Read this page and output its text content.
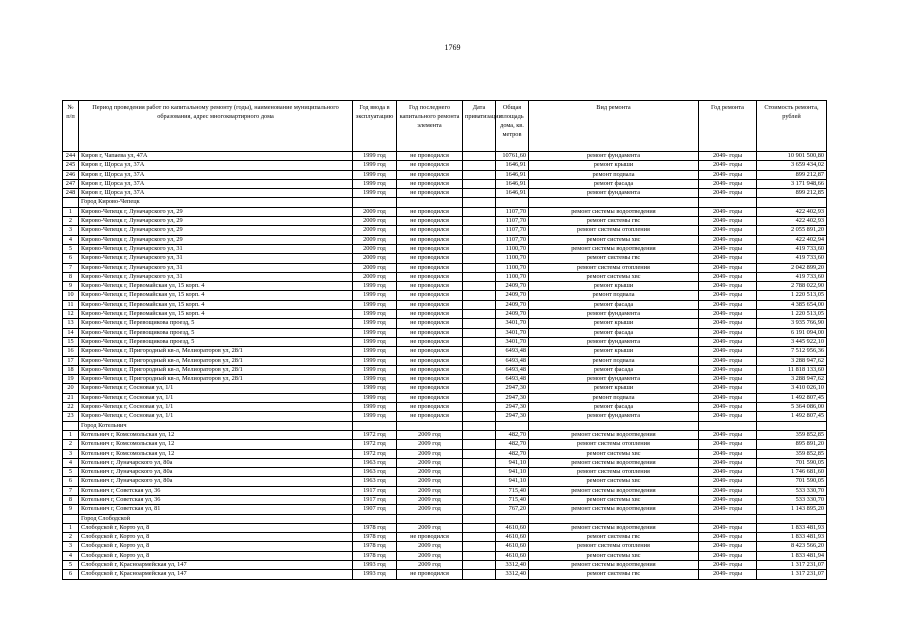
1769
№ п/п	Период проведения работ по капитальному ремонту (годы), наименование муниципального образования, адрес многоквартирного дома	Год ввода в эксплуатацию	Год последнего капитального ремонта элемента	Дата приватизации	Общая площадь дома, кв. метров	Вид ремонта	Год ремонта	Стоимость ремонта, рублей
244	Киров г, Чапаева ул, 47А	1999 год	не проводился		10761,60	ремонт фундамента	2049- годы	10 901 500,80
245	Киров г, Щорса ул, 37А	1999 год	не проводился		1646,91	ремонт крыши	2049- годы	3 659 434,02
246	Киров г, Щорса ул, 37А	1999 год	не проводился		1646,91	ремонт подвала	2049- годы	899 212,87
247	Киров г, Щорса ул, 37А	1999 год	не проводился		1646,91	ремонт фасада	2049- годы	3 171 948,66
248	Киров г, Щорса ул, 37А	1999 год	не проводился		1646,91	ремонт фундамента	2049- годы	899 212,85
	Город Кирово-Чепецк							
1	Кирово-Чепецк г, Луначарского ул, 29	2009 год	не проводился		1107,70	ремонт системы водоотведения	2049- годы	422 402,93
2	Кирово-Чепецк г, Луначарского ул, 29	2009 год	не проводился		1107,70	ремонт системы гвс	2049- годы	422 402,93
3	Кирово-Чепецк г, Луначарского ул, 29	2009 год	не проводился		1107,70	ремонт системы отопления	2049- годы	2 055 891,20
4	Кирово-Чепецк г, Луначарского ул, 29	2009 год	не проводился		1107,70	ремонт системы хвс	2049- годы	422 402,94
5	Кирово-Чепецк г, Луначарского ул, 31	2009 год	не проводился		1100,70	ремонт системы водоотведения	2049- годы	419 733,60
6	Кирово-Чепецк г, Луначарского ул, 31	2009 год	не проводился		1100,70	ремонт системы гвс	2049- годы	419 733,60
7	Кирово-Чепецк г, Луначарского ул, 31	2009 год	не проводился		1100,70	ремонт системы отопления	2049- годы	2 042 899,20
8	Кирово-Чепецк г, Луначарского ул, 31	2009 год	не проводился		1100,70	ремонт системы хвс	2049- годы	419 733,60
9	Кирово-Чепецк г, Первомайская ул, 15 корп. 4	1999 год	не проводился		2409,70	ремонт крыши	2049- годы	2 788 022,90
10	Кирово-Чепецк г, Первомайская ул, 15 корп. 4	1999 год	не проводился		2409,70	ремонт подвала	2049- годы	1 220 513,05
11	Кирово-Чепецк г, Первомайская ул, 15 корп. 4	1999 год	не проводился		2409,70	ремонт фасада	2049- годы	4 385 654,00
12	Кирово-Чепецк г, Первомайская ул, 15 корп. 4	1999 год	не проводился		2409,70	ремонт фундамента	2049- годы	1 220 513,05
13	Кирово-Чепецк г, Перевощикова проезд, 5	1999 год	не проводился		3401,70	ремонт крыши	2049- годы	3 935 766,90
14	Кирово-Чепецк г, Перевощикова проезд, 5	1999 год	не проводился		3401,70	ремонт фасада	2049- годы	6 191 094,00
15	Кирово-Чепецк г, Перевощикова проезд, 5	1999 год	не проводился		3401,70	ремонт фундамента	2049- годы	3 445 922,10
16	Кирово-Чепецк г, Пригородный кв-л, Мелиораторов ул, 28/1	1999 год	не проводился		6493,48	ремонт крыши	2049- годы	7 512 956,36
17	Кирово-Чепецк г, Пригородный кв-л, Мелиораторов ул, 28/1	1999 год	не проводился		6493,48	ремонт подвала	2049- годы	3 288 947,62
18	Кирово-Чепецк г, Пригородный кв-л, Мелиораторов ул, 28/1	1999 год	не проводился		6493,48	ремонт фасада	2049- годы	11 818 133,60
19	Кирово-Чепецк г, Пригородный кв-л, Мелиораторов ул, 28/1	1999 год	не проводился		6493,48	ремонт фундамента	2049- годы	3 288 947,62
20	Кирово-Чепецк г, Сосновая ул, 1/1	1999 год	не проводился		2947,30	ремонт крыши	2049- годы	3 410 026,10
21	Кирово-Чепецк г, Сосновая ул, 1/1	1999 год	не проводился		2947,30	ремонт подвала	2049- годы	1 492 807,45
22	Кирово-Чепецк г, Сосновая ул, 1/1	1999 год	не проводился		2947,30	ремонт фасада	2049- годы	5 364 086,00
23	Кирово-Чепецк г, Сосновая ул, 1/1	1999 год	не проводился		2947,30	ремонт фундамента	2049- годы	1 492 807,45
	Город Котельнич							
1	Котельнич г, Комсомольская ул, 12	1972 год	2009 год		482,70	ремонт системы водоотведения	2049- годы	359 852,85
2	Котельнич г, Комсомольская ул, 12	1972 год	2009 год		482,70	ремонт системы отопления	2049- годы	895 891,20
3	Котельнич г, Комсомольская ул, 12	1972 год	2009 год		482,70	ремонт системы хвс	2049- годы	359 852,85
4	Котельнич г, Луначарского ул, 80а	1963 год	2009 год		941,10	ремонт системы водоотведения	2049- годы	701 590,05
5	Котельнич г, Луначарского ул, 80а	1963 год	2009 год		941,10	ремонт системы отопления	2049- годы	1 746 681,60
6	Котельнич г, Луначарского ул, 80а	1963 год	2009 год		941,10	ремонт системы хвс	2049- годы	701 590,05
7	Котельнич г, Советская ул, 36	1917 год	2009 год		715,40	ремонт системы водоотведения	2049- годы	533 330,70
8	Котельнич г, Советская ул, 36	1917 год	2009 год		715,40	ремонт системы хвс	2049- годы	533 330,70
9	Котельнич г, Советская ул, 81	1907 год	2009 год		767,20	ремонт системы водоотведения	2049- годы	1 143 895,20
	Город Слободской							
1	Слободской г, Корто ул, 8	1978 год	2009 год		4610,60	ремонт системы водоотведения	2049- годы	1 833 481,93
2	Слободской г, Корто ул, 8	1978 год	не проводился		4610,60	ремонт системы гвс	2049- годы	1 833 481,93
3	Слободской г, Корто ул, 8	1978 год	2009 год		4610,60	ремонт системы отопления	2049- годы	8 423 566,20
4	Слободской г, Корто ул, 8	1978 год	2009 год		4610,60	ремонт системы хвс	2049- годы	1 833 481,94
5	Слободской г, Красноармейская ул, 147	1993 год	2009 год		3312,40	ремонт системы водоотведения	2049- годы	1 317 231,07
6	Слободской г, Красноармейская ул, 147	1993 год	не проводился		3312,40	ремонт системы гвс	2049- годы	1 317 231,07
